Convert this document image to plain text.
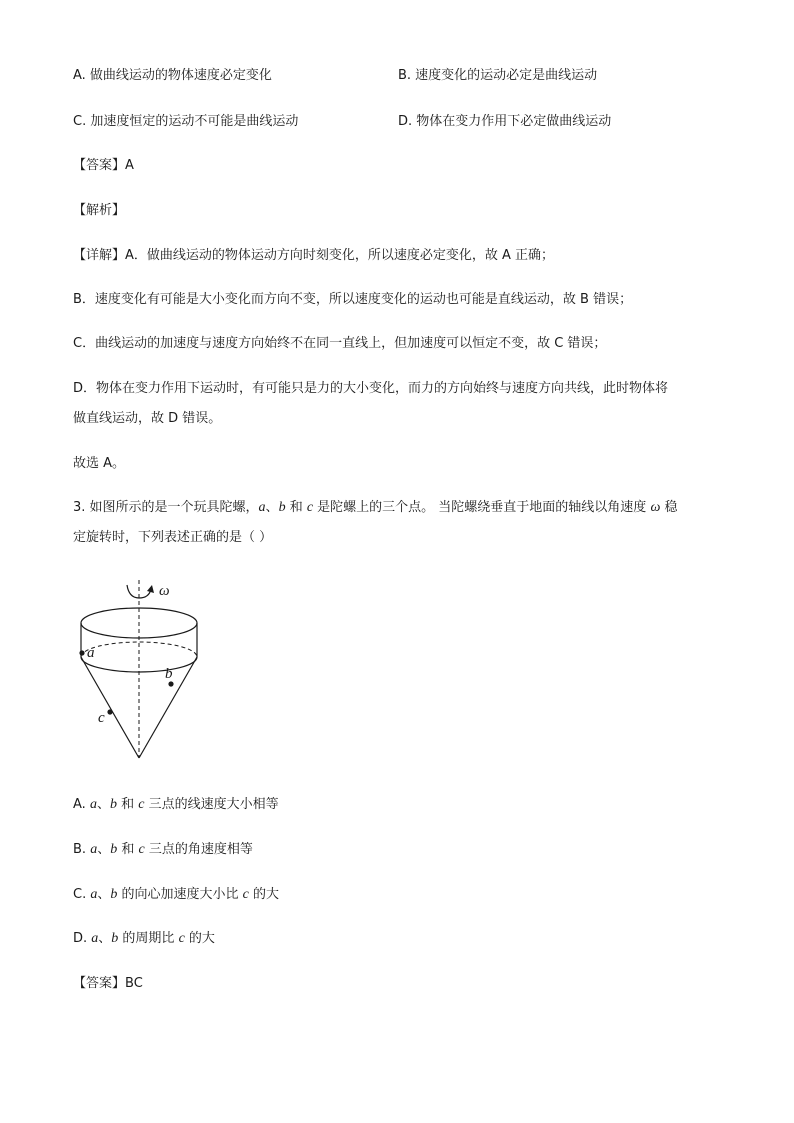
A. 做曲线运动的物体速度必定变化	B. 速度变化的运动必定是曲线运动
C. 加速度恒定的运动不可能是曲线运动	D. 物体在变力作用下必定做曲线运动
【答案】A
【解析】
【详解】A．做曲线运动的物体运动方向时刻变化，所以速度必定变化，故 A 正确；
B．速度变化有可能是大小变化而方向不变，所以速度变化的运动也可能是直线运动，故 B 错误；
C．曲线运动的加速度与速度方向始终不在同一直线上，但加速度可以恒定不变，故 C 错误；
D．物体在变力作用下运动时，有可能只是力的大小变化，而力的方向始终与速度方向共线，此时物体将
做直线运动，故 D 错误。
故选 A。
3. 如图所示的是一个玩具陀螺，a、b 和 c 是陀螺上的三个点。 当陀螺绕垂直于地面的轴线以角速度 ω 稳
定旋转时，下列表述正确的是（ ）
ω
a
b
c
A. a、b 和 c 三点的线速度大小相等
B. a、b 和 c 三点的角速度相等
C. a、b 的向心加速度大小比 c 的大
D. a、b 的周期比 c 的大
【答案】BC
